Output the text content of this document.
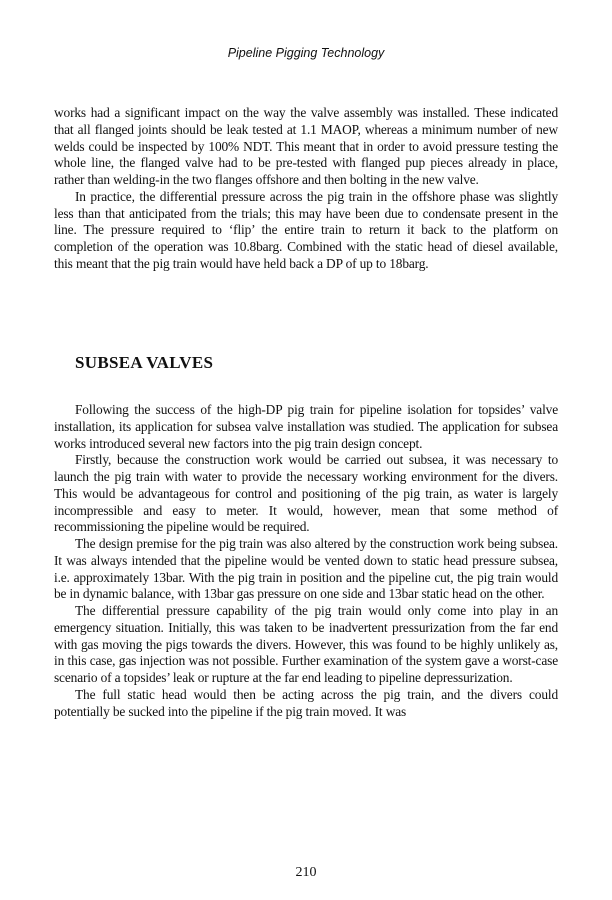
Pipeline Pigging Technology

works had a significant impact on the way the valve assembly was installed. These indicated that all flanged joints should be leak tested at 1.1 MAOP, whereas a minimum number of new welds could be inspected by 100% NDT. This meant that in order to avoid pressure testing the whole line, the flanged valve had to be pre-tested with flanged pup pieces already in place, rather than welding-in the two flanges offshore and then bolting in the new valve.

In practice, the differential pressure across the pig train in the offshore phase was slightly less than that anticipated from the trials; this may have been due to condensate present in the line. The pressure required to ‘flip’ the entire train to return it back to the platform on completion of the operation was 10.8barg. Combined with the static head of diesel available, this meant that the pig train would have held back a DP of up to 18barg.

SUBSEA VALVES

Following the success of the high-DP pig train for pipeline isolation for topsides’ valve installation, its application for subsea valve installation was studied. The application for subsea works introduced several new factors into the pig train design concept.

Firstly, because the construction work would be carried out subsea, it was necessary to launch the pig train with water to provide the necessary working environment for the divers. This would be advantageous for control and positioning of the pig train, as water is largely incompressible and easy to meter. It would, however, mean that some method of recommissioning the pipeline would be required.

The design premise for the pig train was also altered by the construction work being subsea. It was always intended that the pipeline would be vented down to static head pressure subsea, i.e. approximately 13bar. With the pig train in position and the pipeline cut, the pig train would be in dynamic balance, with 13bar gas pressure on one side and 13bar static head on the other.

The differential pressure capability of the pig train would only come into play in an emergency situation. Initially, this was taken to be inadvertent pressurization from the far end with gas moving the pigs towards the divers. However, this was found to be highly unlikely as, in this case, gas injection was not possible. Further examination of the system gave a worst-case scenario of a topsides’ leak or rupture at the far end leading to pipeline depressurization.

The full static head would then be acting across the pig train, and the divers could potentially be sucked into the pipeline if the pig train moved. It was

210
